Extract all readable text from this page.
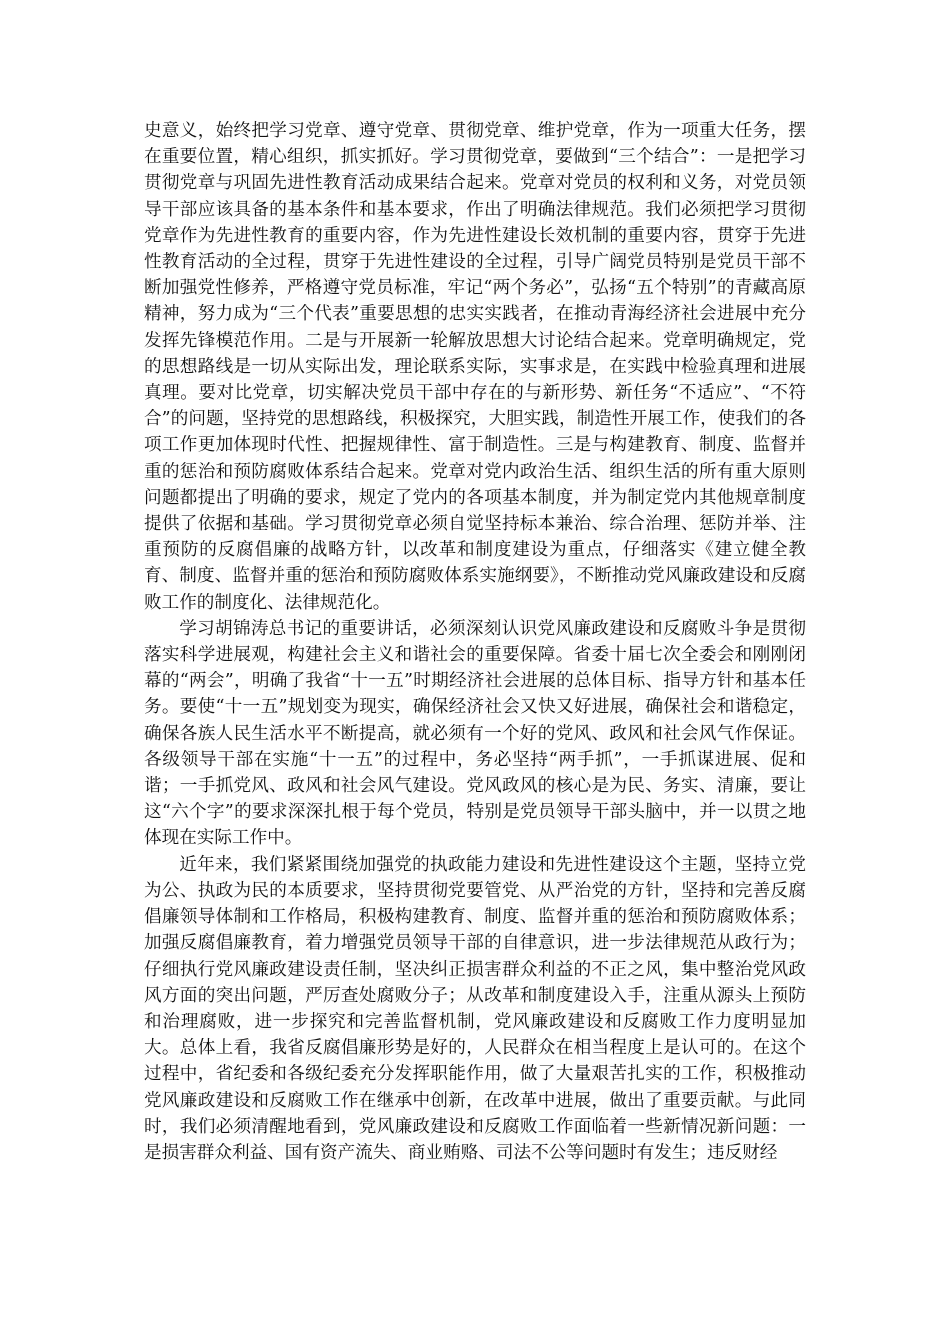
史意义，始终把学习党章、遵守党章、贯彻党章、维护党章，作为一项重大任务，摆在重要位置，精心组织，抓实抓好。学习贯彻党章，要做到“三个结合”：一是把学习贯彻党章与巩固先进性教育活动成果结合起来。党章对党员的权利和义务，对党员领导干部应该具备的基本条件和基本要求，作出了明确法律规范。我们必须把学习贯彻党章作为先进性教育的重要内容，作为先进性建设长效机制的重要内容，贯穿于先进性教育活动的全过程，贯穿于先进性建设的全过程，引导广阔党员特别是党员干部不断加强党性修养，严格遵守党员标准，牢记“两个务必”，弘扬“五个特别”的青藏高原精神，努力成为“三个代表”重要思想的忠实实践者，在推动青海经济社会进展中充分发挥先锋模范作用。二是与开展新一轮解放思想大讨论结合起来。党章明确规定，党的思想路线是一切从实际出发，理论联系实际，实事求是，在实践中检验真理和进展真理。要对比党章，切实解决党员干部中存在的与新形势、新任务“不适应”、“不符合”的问题，坚持党的思想路线，积极探究，大胆实践，制造性开展工作，使我们的各项工作更加体现时代性、把握规律性、富于制造性。三是与构建教育、制度、监督并重的惩治和预防腐败体系结合起来。党章对党内政治生活、组织生活的所有重大原则问题都提出了明确的要求，规定了党内的各项基本制度，并为制定党内其他规章制度提供了依据和基础。学习贯彻党章必须自觉坚持标本兼治、综合治理、惩防并举、注重预防的反腐倡廉的战略方针，以改革和制度建设为重点，仔细落实《建立健全教育、制度、监督并重的惩治和预防腐败体系实施纲要》，不断推动党风廉政建设和反腐败工作的制度化、法律规范化。

学习胡锦涛总书记的重要讲话，必须深刻认识党风廉政建设和反腐败斗争是贯彻落实科学进展观，构建社会主义和谐社会的重要保障。省委十届七次全委会和刚刚闭幕的“两会”，明确了我省“十一五”时期经济社会进展的总体目标、指导方针和基本任务。要使“十一五”规划变为现实，确保经济社会又快又好进展，确保社会和谐稳定，确保各族人民生活水平不断提高，就必须有一个好的党风、政风和社会风气作保证。各级领导干部在实施“十一五”的过程中，务必坚持“两手抓”，一手抓谋进展、促和谐；一手抓党风、政风和社会风气建设。党风政风的核心是为民、务实、清廉，要让这“六个字”的要求深深扎根于每个党员，特别是党员领导干部头脑中，并一以贯之地体现在实际工作中。

近年来，我们紧紧围绕加强党的执政能力建设和先进性建设这个主题，坚持立党为公、执政为民的本质要求，坚持贯彻党要管党、从严治党的方针，坚持和完善反腐倡廉领导体制和工作格局，积极构建教育、制度、监督并重的惩治和预防腐败体系；加强反腐倡廉教育，着力增强党员领导干部的自律意识，进一步法律规范从政行为；仔细执行党风廉政建设责任制，坚决纠正损害群众利益的不正之风，集中整治党风政风方面的突出问题，严厉查处腐败分子；从改革和制度建设入手，注重从源头上预防和治理腐败，进一步探究和完善监督机制，党风廉政建设和反腐败工作力度明显加大。总体上看，我省反腐倡廉形势是好的，人民群众在相当程度上是认可的。在这个过程中，省纪委和各级纪委充分发挥职能作用，做了大量艰苦扎实的工作，积极推动党风廉政建设和反腐败工作在继承中创新，在改革中进展，做出了重要贡献。与此同时，我们必须清醒地看到，党风廉政建设和反腐败工作面临着一些新情况新问题：一是损害群众利益、国有资产流失、商业贿赂、司法不公等问题时有发生；违反财经
